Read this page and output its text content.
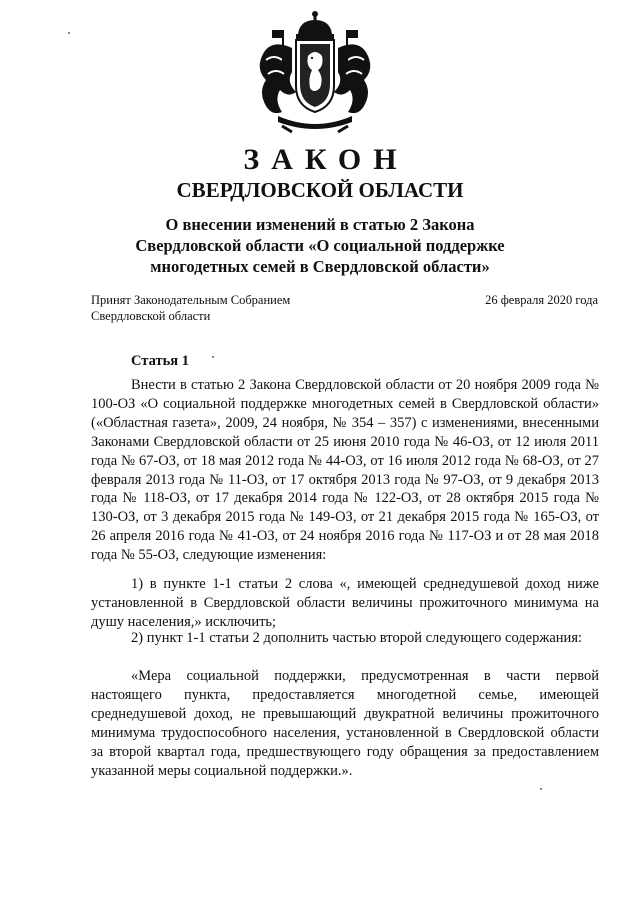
ЗАКОН
СВЕРДЛОВСКОЙ ОБЛАСТИ
О внесении изменений в статью 2 Закона
Свердловской области «О социальной поддержке
многодетных семей в Свердловской области»
Принят Законодательным Собранием
Свердловской области
26 февраля 2020 года
Статья 1

Внести в статью 2 Закона Свердловской области от 20 ноября 2009 года № 100-ОЗ «О социальной поддержке многодетных семей в Свердловской области» («Областная газета», 2009, 24 ноября, № 354 – 357) с изменениями, внесенными Законами Свердловской области от 25 июня 2010 года № 46-ОЗ, от 12 июля 2011 года № 67-ОЗ, от 18 мая 2012 года № 44-ОЗ, от 16 июля 2012 года № 68-ОЗ, от 27 февраля 2013 года № 11-ОЗ, от 17 октября 2013 года № 97-ОЗ, от 9 декабря 2013 года № 118-ОЗ, от 17 декабря 2014 года № 122-ОЗ, от 28 октября 2015 года № 130-ОЗ, от 3 декабря 2015 года № 149-ОЗ, от 21 декабря 2015 года № 165-ОЗ, от 26 апреля 2016 года № 41-ОЗ, от 24 ноября 2016 года № 117-ОЗ и от 28 мая 2018 года № 55-ОЗ, следующие изменения:

1) в пункте 1-1 статьи 2 слова «, имеющей среднедушевой доход ниже установленной в Свердловской области величины прожиточного минимума на душу населения,» исключить;

2) пункт 1-1 статьи 2 дополнить частью второй следующего содержания:

«Мера социальной поддержки, предусмотренная в части первой настоящего пункта, предоставляется многодетной семье, имеющей среднедушевой доход, не превышающий двукратной величины прожиточного минимума трудоспособного населения, установленной в Свердловской области за второй квартал года, предшествующего году обращения за предоставлением указанной меры социальной поддержки.».
